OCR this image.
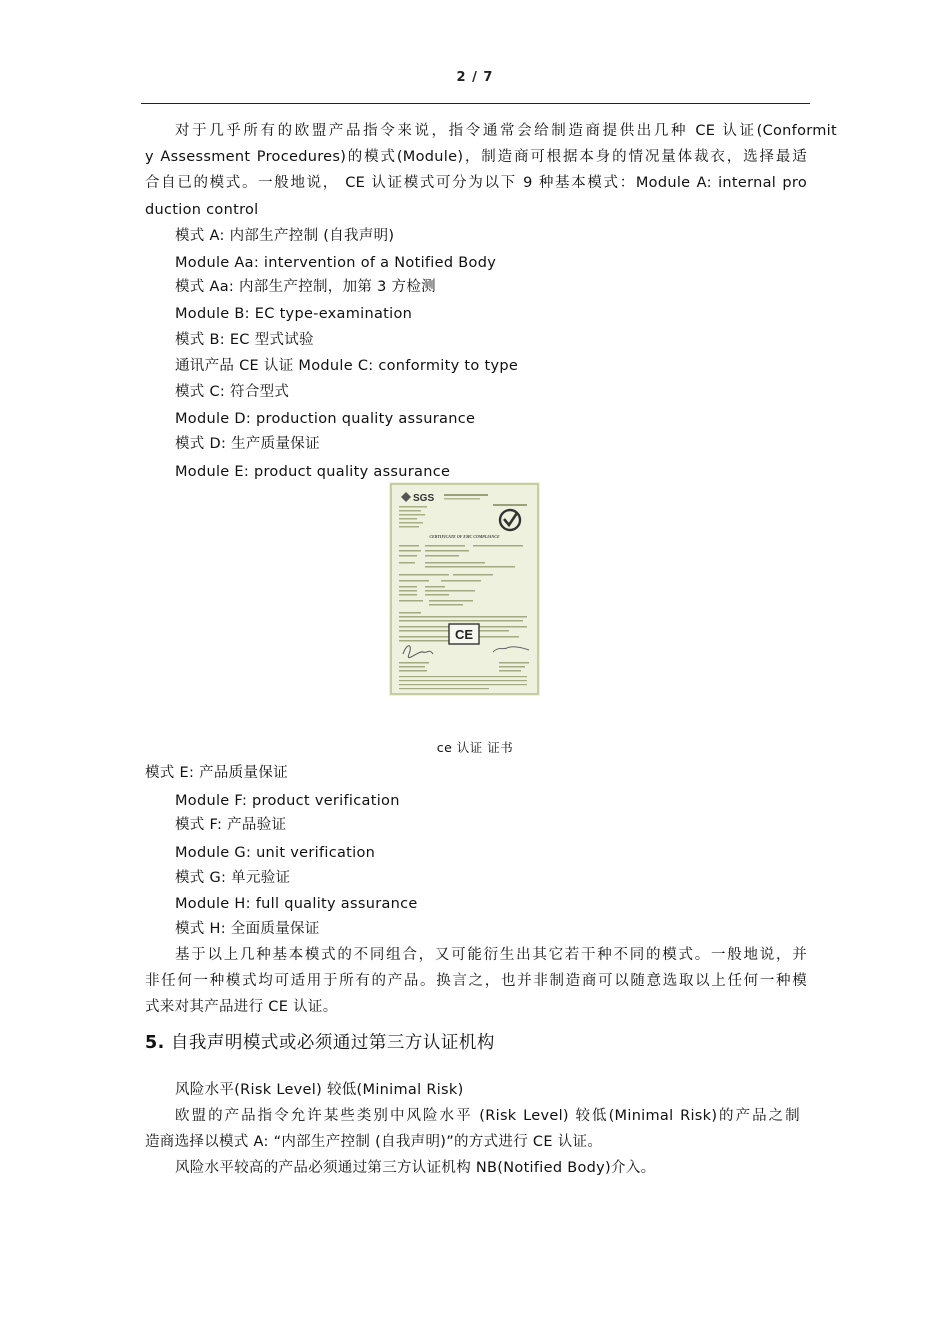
2 / 7
对于几乎所有的欧盟产品指令来说，指令通常会给制造商提供出几种 CE 认证(Conformit
y Assessment Procedures)的模式(Module)，制造商可根据本身的情况量体裁衣，选择最适
合自已的模式。一般地说， CE 认证模式可分为以下 9 种基本模式：Module A: internal pro
duction control
模式 A: 内部生产控制 (自我声明)
Module Aa: intervention of a Notified Body
模式 Aa: 内部生产控制，加第 3 方检测
Module B: EC type-examination
模式 B: EC 型式试验
通讯产品 CE 认证 Module C: conformity to type
模式 C: 符合型式
Module D: production quality assurance
模式 D: 生产质量保证
Module E: product quality assurance
SGS
CERTIFICATE OF EMC COMPLIANCE
CE
ce 认证 证书
模式 E: 产品质量保证
Module F: product verification
模式 F: 产品验证
Module G: unit verification
模式 G: 单元验证
Module H: full quality assurance
模式 H: 全面质量保证
基于以上几种基本模式的不同组合，又可能衍生出其它若干种不同的模式。一般地说，并
非任何一种模式均可适用于所有的产品。换言之，也并非制造商可以随意选取以上任何一种模
式来对其产品进行 CE 认证。
5. 自我声明模式或必须通过第三方认证机构
风险水平(Risk Level) 较低(Minimal Risk)
欧盟的产品指令允许某些类别中风险水平 (Risk Level) 较低(Minimal Risk)的产品之制
造商选择以模式 A: “内部生产控制 (自我声明)”的方式进行 CE 认证。
风险水平较高的产品必须通过第三方认证机构 NB(Notified Body)介入。
